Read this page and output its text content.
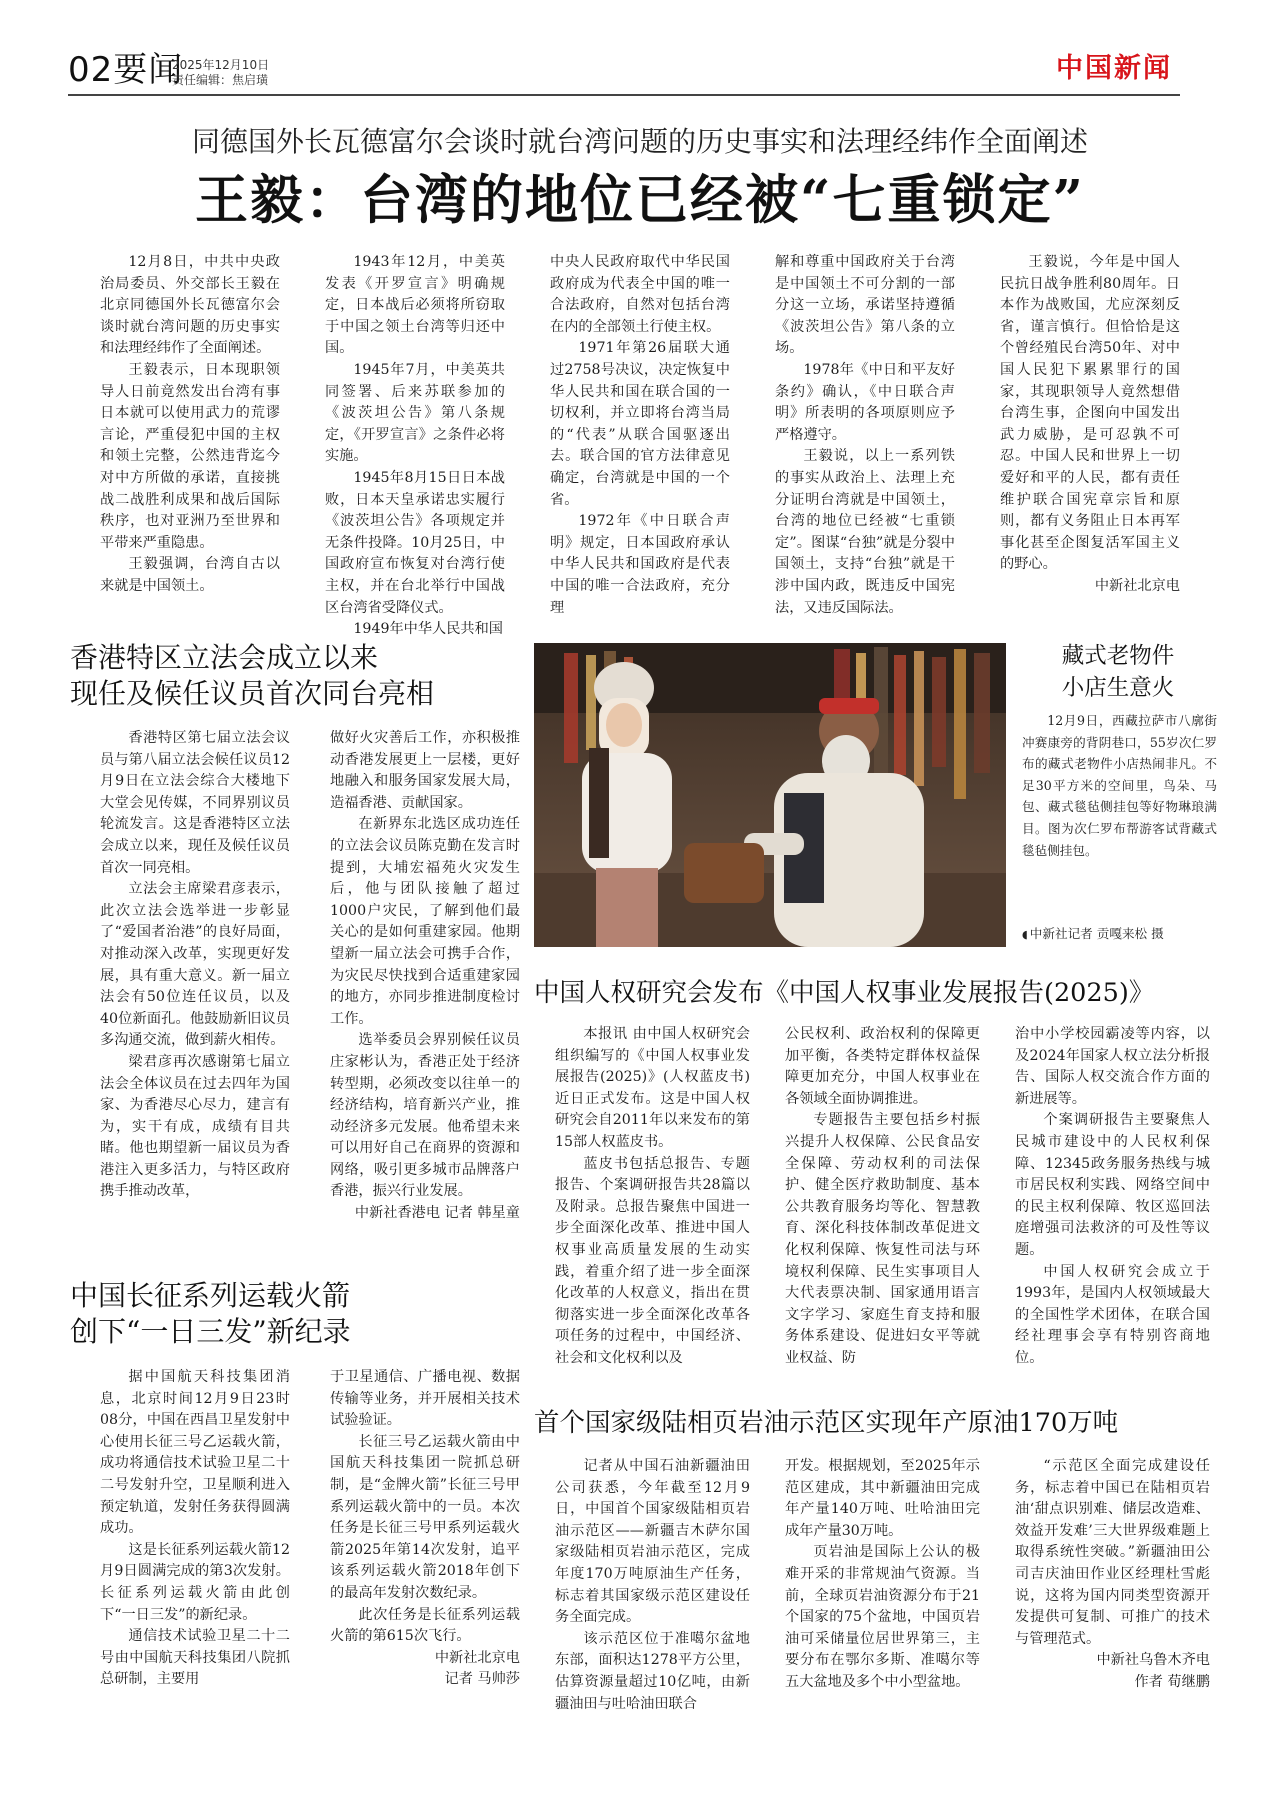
02要闻
2025年12月10日
责任编辑：焦启璜	中国新闻
同德国外长瓦德富尔会谈时就台湾问题的历史事实和法理经纬作全面阐述
王毅：台湾的地位已经被“七重锁定”

12月8日，中共中央政治局委员、外交部长王毅在北京同德国外长瓦德富尔会谈时就台湾问题的历史事实和法理经纬作了全面阐述。

王毅表示，日本现职领导人日前竟然发出台湾有事日本就可以使用武力的荒谬言论，严重侵犯中国的主权和领土完整，公然违背迄今对中方所做的承诺，直接挑战二战胜利成果和战后国际秩序，也对亚洲乃至世界和平带来严重隐患。

王毅强调，台湾自古以来就是中国领土。

1943年12月，中美英发表《开罗宣言》明确规定，日本战后必须将所窃取于中国之领土台湾等归还中国。

1945年7月，中美英共同签署、后来苏联参加的《波茨坦公告》第八条规定，《开罗宣言》之条件必将实施。

1945年8月15日日本战败，日本天皇承诺忠实履行《波茨坦公告》各项规定并无条件投降。10月25日，中国政府宣布恢复对台湾行使主权，并在台北举行中国战区台湾省受降仪式。

1949年中华人民共和国

中央人民政府取代中华民国政府成为代表全中国的唯一合法政府，自然对包括台湾在内的全部领土行使主权。

1971年第26届联大通过2758号决议，决定恢复中华人民共和国在联合国的一切权利，并立即将台湾当局的“代表”从联合国驱逐出去。联合国的官方法律意见确定，台湾就是中国的一个省。

1972年《中日联合声明》规定，日本国政府承认中华人民共和国政府是代表中国的唯一合法政府，充分理

解和尊重中国政府关于台湾是中国领土不可分割的一部分这一立场，承诺坚持遵循《波茨坦公告》第八条的立场。

1978年《中日和平友好条约》确认，《中日联合声明》所表明的各项原则应予严格遵守。

王毅说，以上一系列铁的事实从政治上、法理上充分证明台湾就是中国领土，台湾的地位已经被“七重锁定”。图谋“台独”就是分裂中国领土，支持“台独”就是干涉中国内政，既违反中国宪法，又违反国际法。

王毅说，今年是中国人民抗日战争胜利80周年。日本作为战败国，尤应深刻反省，谨言慎行。但恰恰是这个曾经殖民台湾50年、对中国人民犯下累累罪行的国家，其现职领导人竟然想借台湾生事，企图向中国发出武力威胁，是可忍孰不可忍。中国人民和世界上一切爱好和平的人民，都有责任维护联合国宪章宗旨和原则，都有义务阻止日本再军事化甚至企图复活军国主义的野心。

中新社北京电

香港特区立法会成立以来
现任及候任议员首次同台亮相

香港特区第七届立法会议员与第八届立法会候任议员12月9日在立法会综合大楼地下大堂会见传媒，不同界别议员轮流发言。这是香港特区立法会成立以来，现任及候任议员首次一同亮相。

立法会主席梁君彦表示，此次立法会选举进一步彰显了“爱国者治港”的良好局面，对推动深入改革，实现更好发展，具有重大意义。新一届立法会有50位连任议员，以及40位新面孔。他鼓励新旧议员多沟通交流，做到薪火相传。

梁君彦再次感谢第七届立法会全体议员在过去四年为国家、为香港尽心尽力，建言有为，实干有成，成绩有目共睹。他也期望新一届议员为香港注入更多活力，与特区政府携手推动改革，

做好火灾善后工作，亦积极推动香港发展更上一层楼，更好地融入和服务国家发展大局，造福香港、贡献国家。

在新界东北选区成功连任的立法会议员陈克勤在发言时提到，大埔宏福苑火灾发生后，他与团队接触了超过1000户灾民，了解到他们最关心的是如何重建家园。他期望新一届立法会可携手合作，为灾民尽快找到合适重建家园的地方，亦同步推进制度检讨工作。

选举委员会界别候任议员庄家彬认为，香港正处于经济转型期，必须改变以往单一的经济结构，培育新兴产业，推动经济多元发展。他希望未来可以用好自己在商界的资源和网络，吸引更多城市品牌落户香港，振兴行业发展。

中新社香港电 记者 韩星童

藏式老物件
小店生意火

12月9日，西藏拉萨市八廓街冲赛康旁的背阴巷口，55岁次仁罗布的藏式老物件小店热闹非凡。不足30平方米的空间里，鸟朵、马包、藏式毯毡侧挂包等好物琳琅满目。图为次仁罗布帮游客试背藏式毯毡侧挂包。

◖ 中新社记者 贡嘎来松 摄
中国人权研究会发布《中国人权事业发展报告(2025)》

本报讯 由中国人权研究会组织编写的《中国人权事业发展报告(2025)》(人权蓝皮书)近日正式发布。这是中国人权研究会自2011年以来发布的第15部人权蓝皮书。

蓝皮书包括总报告、专题报告、个案调研报告共28篇以及附录。总报告聚焦中国进一步全面深化改革、推进中国人权事业高质量发展的生动实践，着重介绍了进一步全面深化改革的人权意义，指出在贯彻落实进一步全面深化改革各项任务的过程中，中国经济、社会和文化权利以及

公民权利、政治权利的保障更加平衡，各类特定群体权益保障更加充分，中国人权事业在各领域全面协调推进。

专题报告主要包括乡村振兴提升人权保障、公民食品安全保障、劳动权利的司法保护、健全医疗救助制度、基本公共教育服务均等化、智慧教育、深化科技体制改革促进文化权利保障、恢复性司法与环境权利保障、民生实事项目人大代表票决制、国家通用语言文字学习、家庭生育支持和服务体系建设、促进妇女平等就业权益、防

治中小学校园霸凌等内容，以及2024年国家人权立法分析报告、国际人权交流合作方面的新进展等。

个案调研报告主要聚焦人民城市建设中的人民权利保障、12345政务服务热线与城市居民权利实践、网络空间中的民主权利保障、牧区巡回法庭增强司法救济的可及性等议题。

中国人权研究会成立于1993年，是国内人权领域最大的全国性学术团体，在联合国经社理事会享有特别咨商地位。

首个国家级陆相页岩油示范区实现年产原油170万吨

记者从中国石油新疆油田公司获悉，今年截至12月9日，中国首个国家级陆相页岩油示范区——新疆吉木萨尔国家级陆相页岩油示范区，完成年度170万吨原油生产任务，标志着其国家级示范区建设任务全面完成。

该示范区位于准噶尔盆地东部，面积达1278平方公里，估算资源量超过10亿吨，由新疆油田与吐哈油田联合

开发。根据规划，至2025年示范区建成，其中新疆油田完成年产量140万吨、吐哈油田完成年产量30万吨。

页岩油是国际上公认的极难开采的非常规油气资源。当前，全球页岩油资源分布于21个国家的75个盆地，中国页岩油可采储量位居世界第三，主要分布在鄂尔多斯、准噶尔等五大盆地及多个中小型盆地。

“示范区全面完成建设任务，标志着中国已在陆相页岩油‘甜点识别难、储层改造难、效益开发难’三大世界级难题上取得系统性突破。”新疆油田公司吉庆油田作业区经理杜雪彪说，这将为国内同类型资源开发提供可复制、可推广的技术与管理范式。

中新社乌鲁木齐电

作者 荀继鹏

中国长征系列运载火箭
创下“一日三发”新纪录

据中国航天科技集团消息，北京时间12月9日23时08分，中国在西昌卫星发射中心使用长征三号乙运载火箭，成功将通信技术试验卫星二十二号发射升空，卫星顺利进入预定轨道，发射任务获得圆满成功。

这是长征系列运载火箭12月9日圆满完成的第3次发射。长征系列运载火箭由此创下“一日三发”的新纪录。

通信技术试验卫星二十二号由中国航天科技集团八院抓总研制，主要用

于卫星通信、广播电视、数据传输等业务，并开展相关技术试验验证。

长征三号乙运载火箭由中国航天科技集团一院抓总研制，是“金牌火箭”长征三号甲系列运载火箭中的一员。本次任务是长征三号甲系列运载火箭2025年第14次发射，追平该系列运载火箭2018年创下的最高年发射次数纪录。

此次任务是长征系列运载火箭的第615次飞行。

中新社北京电

记者 马帅莎
